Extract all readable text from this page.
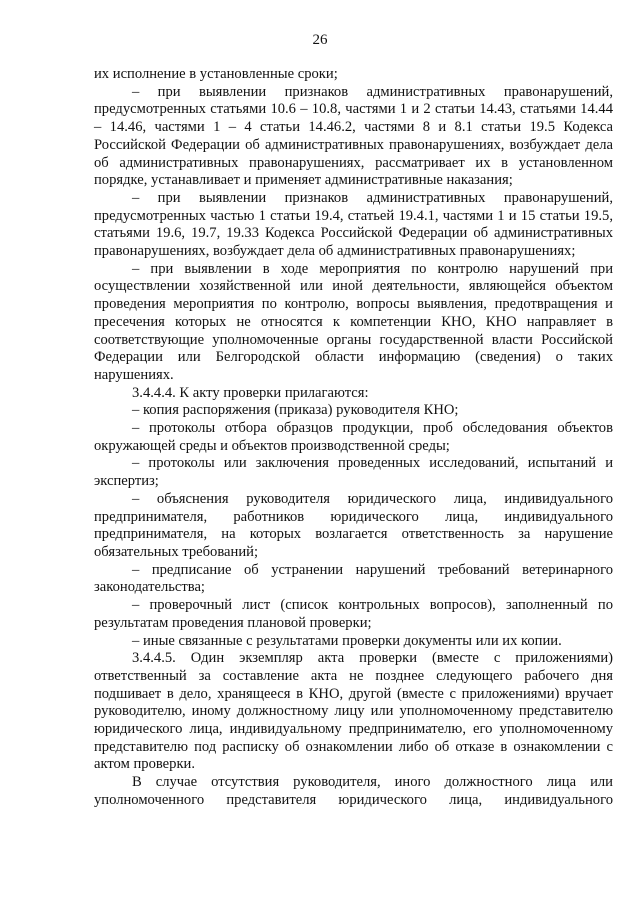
26

их исполнение в установленные сроки;

– при выявлении признаков административных правонарушений, предусмотренных статьями 10.6 – 10.8, частями 1 и 2 статьи 14.43, статьями 14.44 – 14.46, частями 1 – 4 статьи 14.46.2, частями 8 и 8.1 статьи 19.5 Кодекса Российской Федерации об административных правонарушениях, возбуждает дела об административных правонарушениях, рассматривает их в установленном порядке, устанавливает и применяет административные наказания;

– при выявлении признаков административных правонарушений, предусмотренных частью 1 статьи 19.4, статьей 19.4.1, частями 1 и 15 статьи 19.5, статьями 19.6, 19.7, 19.33 Кодекса Российской Федерации об административных правонарушениях, возбуждает дела об административных правонарушениях;

– при выявлении в ходе мероприятия по контролю нарушений при осуществлении хозяйственной или иной деятельности, являющейся объектом проведения мероприятия по контролю, вопросы выявления, предотвращения и пресечения которых не относятся к компетенции КНО, КНО направляет в соответствующие уполномоченные органы государственной власти Российской Федерации или Белгородской области информацию (сведения) о таких нарушениях.

3.4.4.4. К акту проверки прилагаются:

– копия распоряжения (приказа) руководителя КНО;

– протоколы отбора образцов продукции, проб обследования объектов окружающей среды и объектов производственной среды;

– протоколы или заключения проведенных исследований, испытаний и экспертиз;

– объяснения руководителя юридического лица, индивидуального предпринимателя, работников юридического лица, индивидуального предпринимателя, на которых возлагается ответственность за нарушение обязательных требований;

– предписание об устранении нарушений требований ветеринарного законодательства;

– проверочный лист (список контрольных вопросов), заполненный по результатам проведения плановой проверки;

– иные связанные с результатами проверки документы или их копии.

3.4.4.5. Один экземпляр акта проверки (вместе с приложениями) ответственный за составление акта не позднее следующего рабочего дня подшивает в дело, хранящееся в КНО, другой (вместе с приложениями) вручает руководителю, иному должностному лицу или уполномоченному представителю юридического лица, индивидуальному предпринимателю, его уполномоченному представителю под расписку об ознакомлении либо об отказе в ознакомлении с актом проверки.

В случае отсутствия руководителя, иного должностного лица или уполномоченного представителя юридического лица, индивидуального
